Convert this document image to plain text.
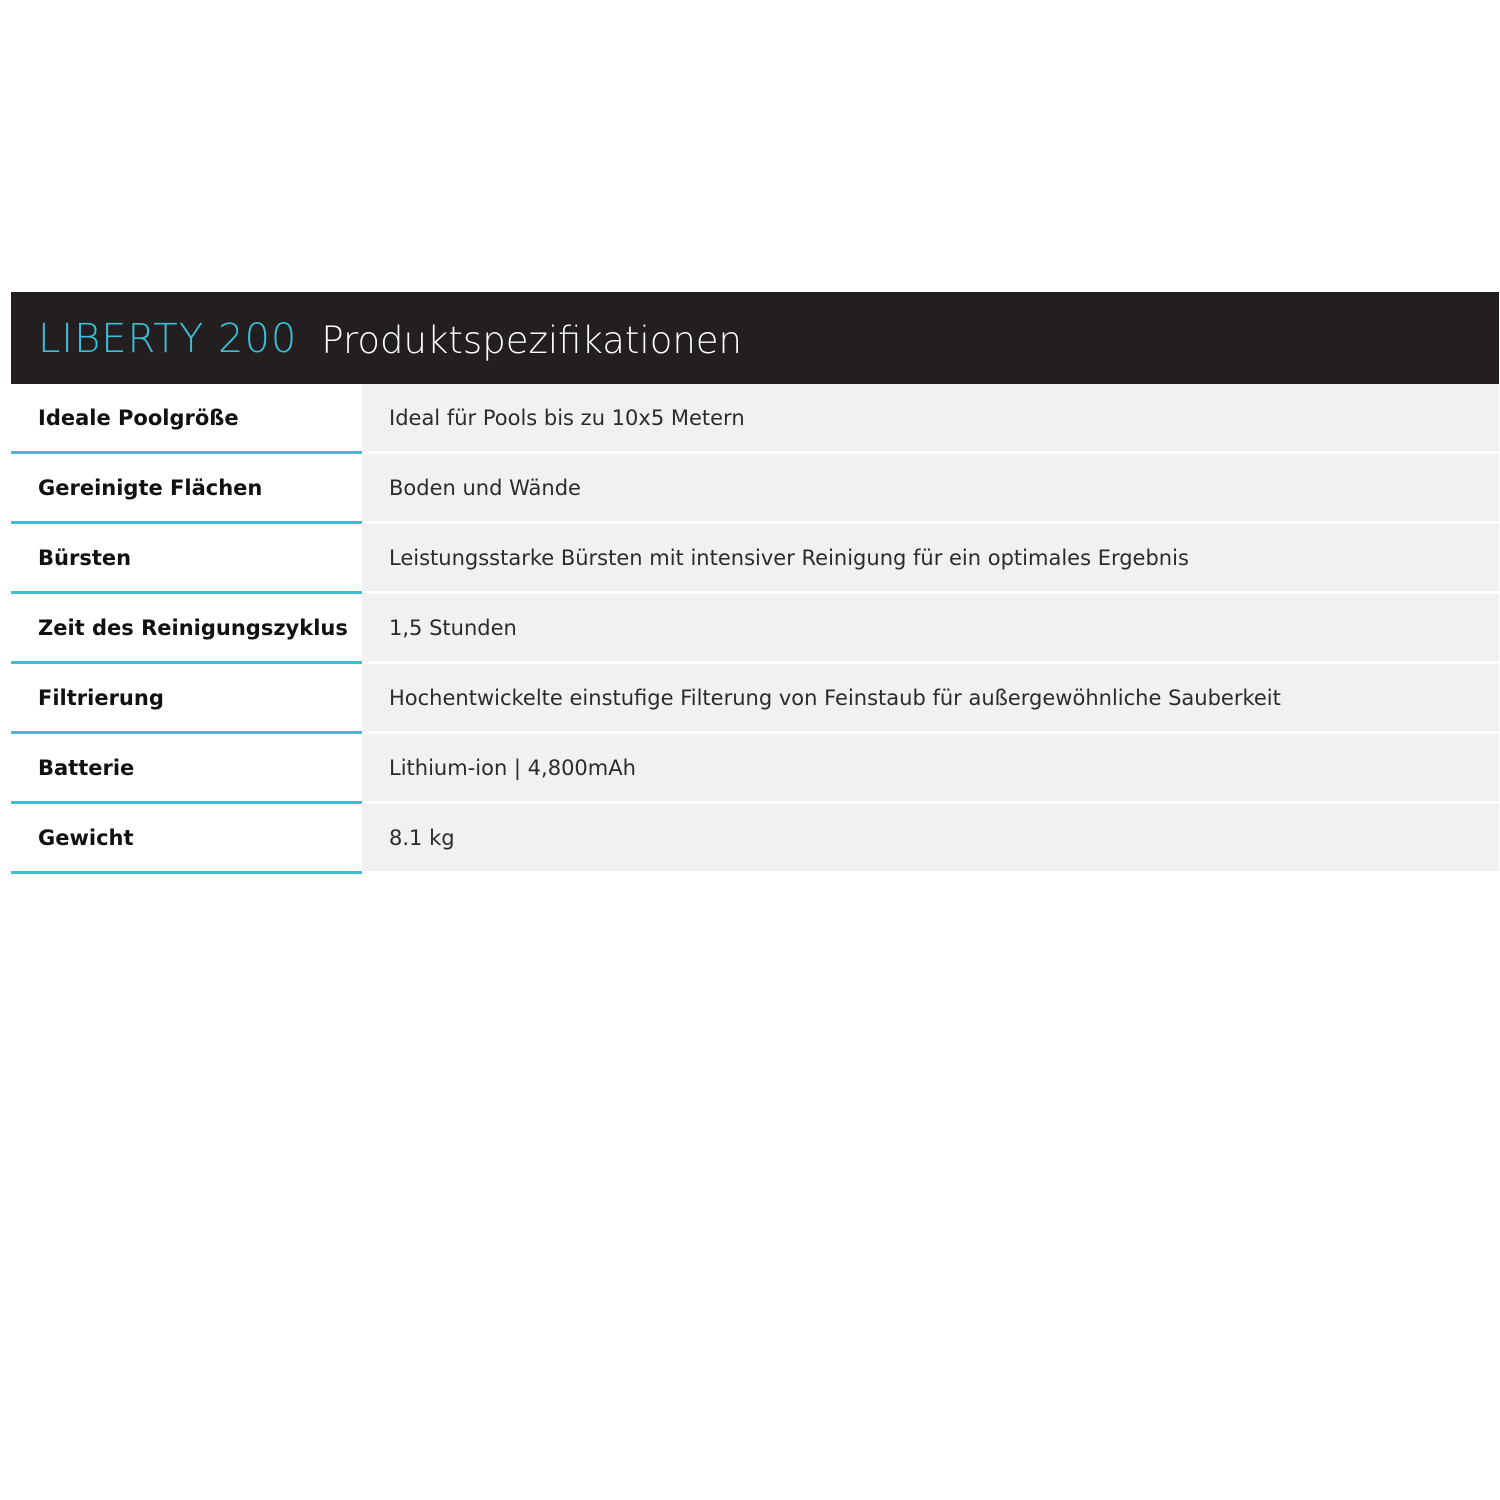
LIBERTY 200 Produktspezifikationen
Ideale Poolgröße	Ideal für Pools bis zu 10x5 Metern
Gereinigte Flächen	Boden und Wände
Bürsten	Leistungsstarke Bürsten mit intensiver Reinigung für ein optimales Ergebnis
Zeit des Reinigungszyklus 1,5 Stunden
Filtrierung	Hochentwickelte einstufige Filterung von Feinstaub für außergewöhnliche Sauberkeit
Batterie	Lithium-ion | 4,800mAh
Gewicht	8.1 kg
